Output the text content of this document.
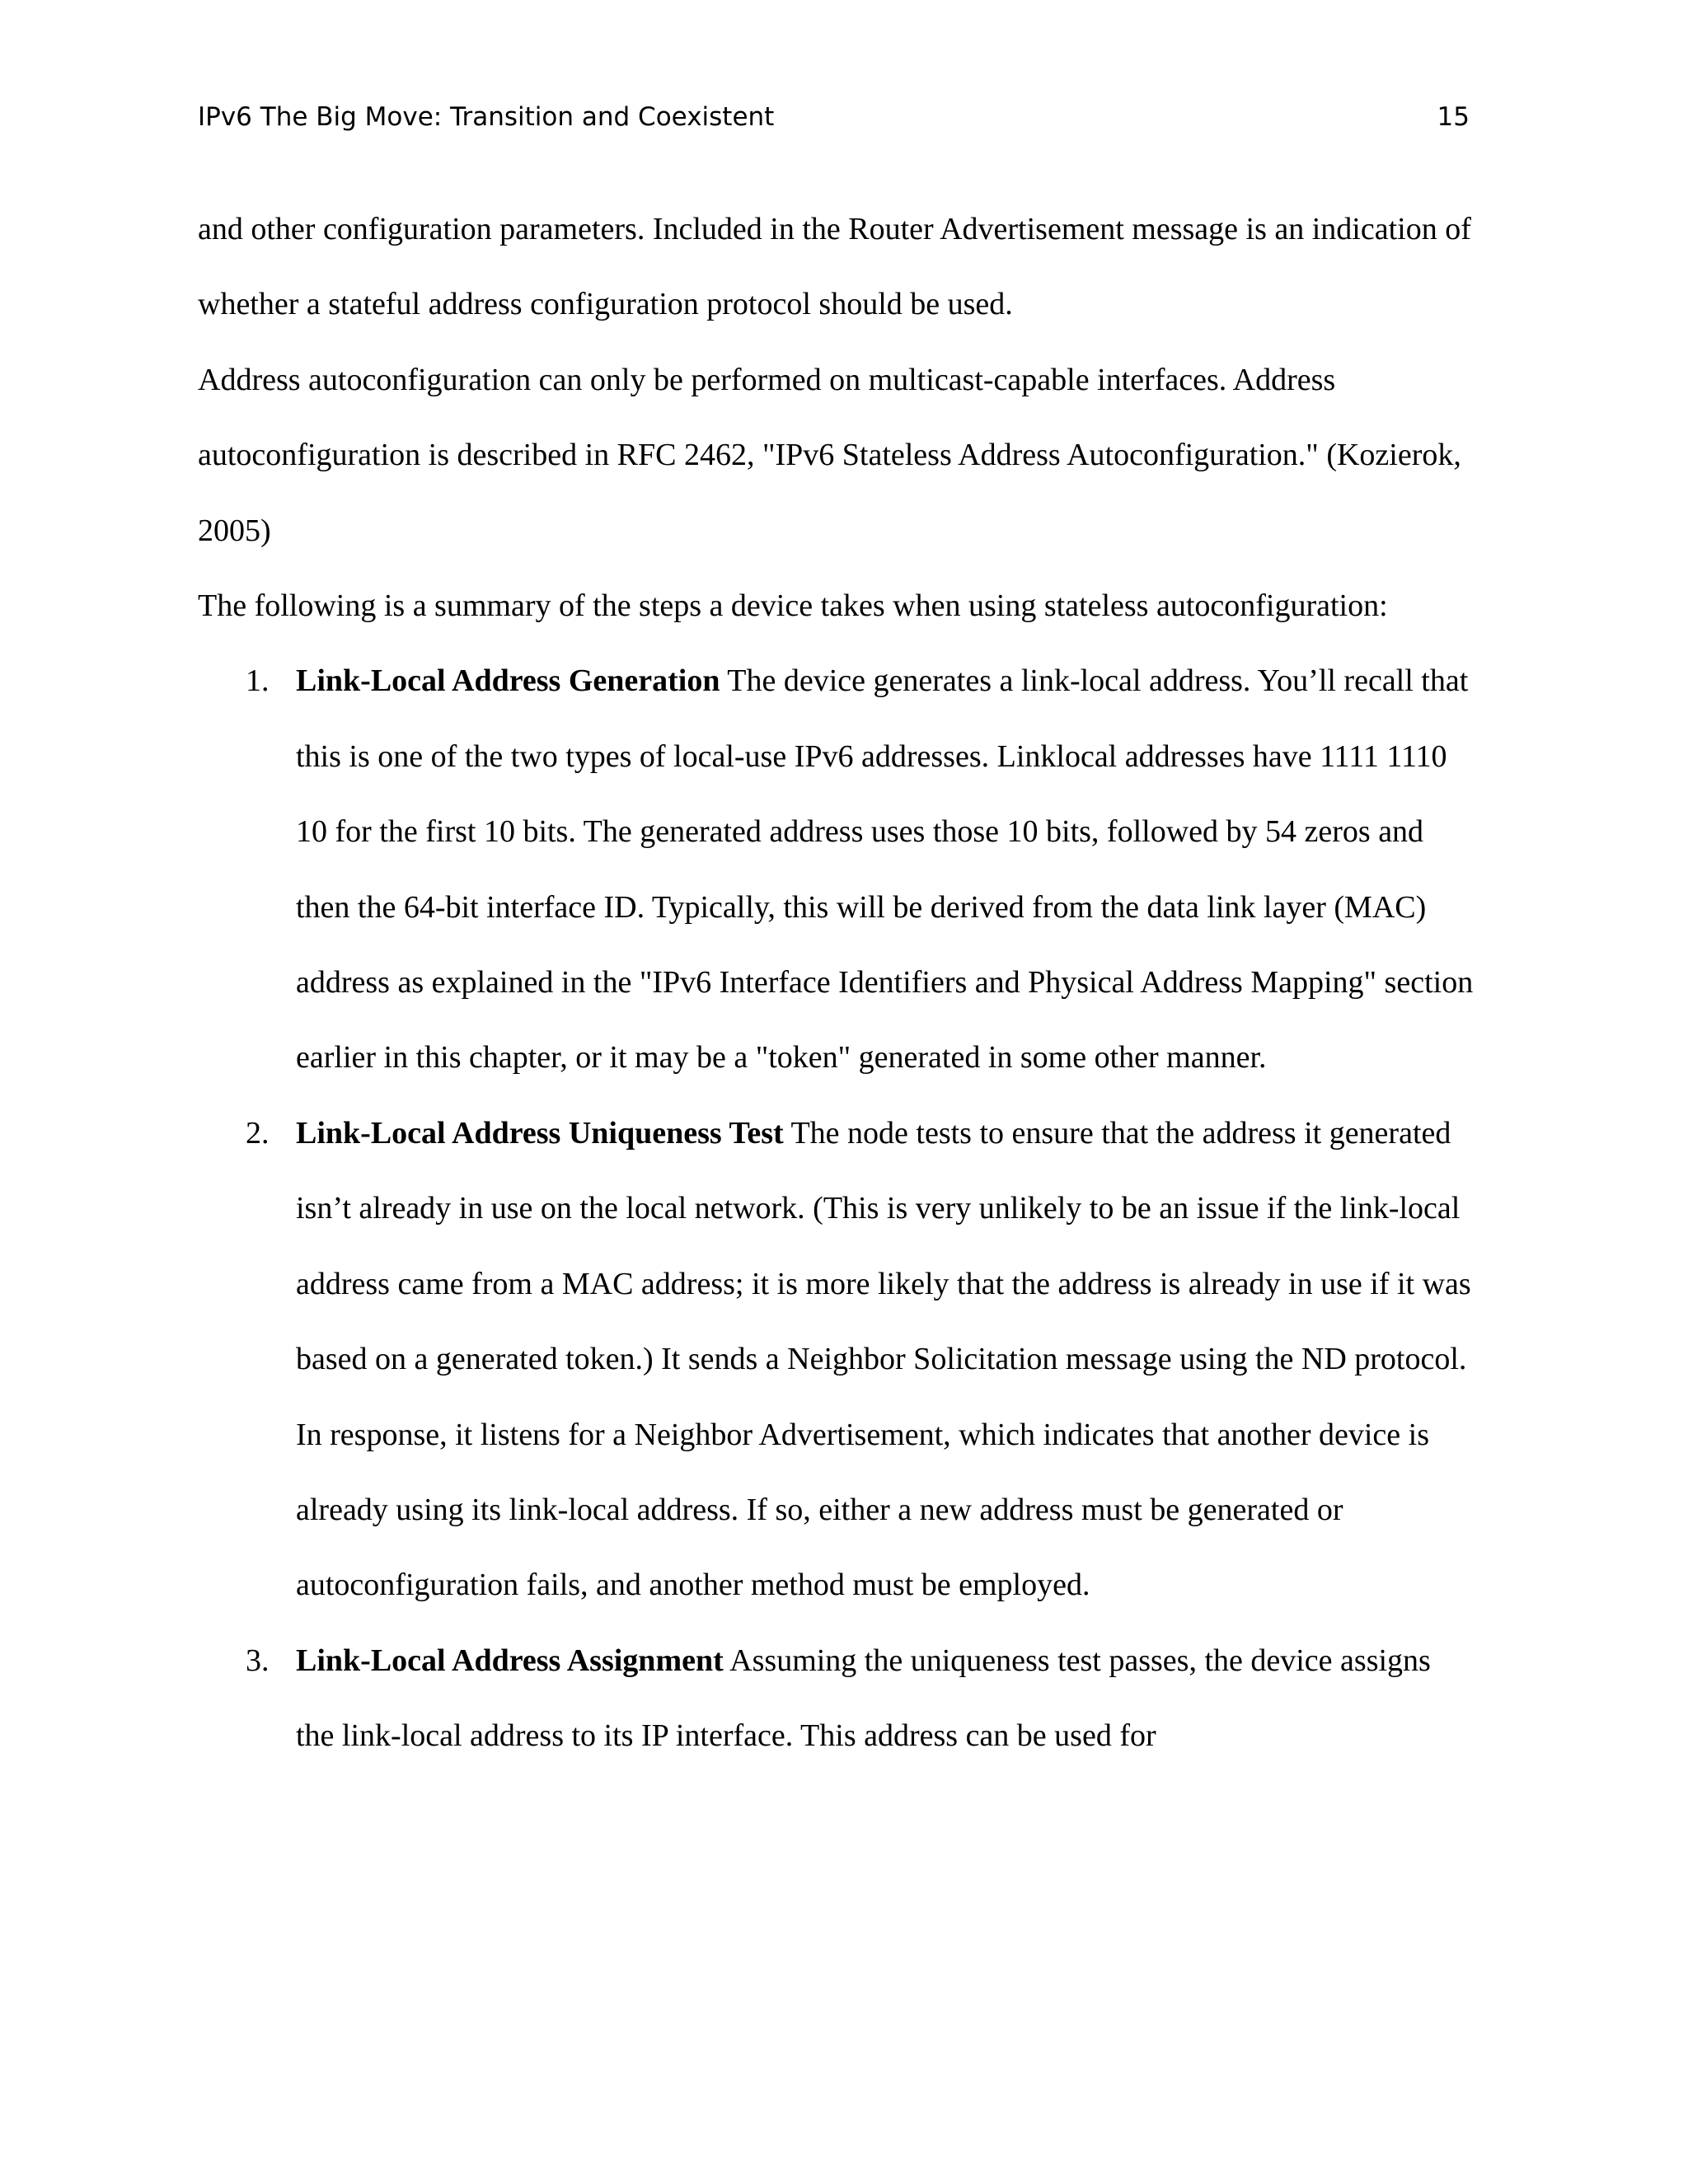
IPv6 The Big Move: Transition and Coexistent	15

and other configuration parameters. Included in the Router Advertisement message is an indication of whether a stateful address configuration protocol should be used.

Address autoconfiguration can only be performed on multicast-capable interfaces. Address autoconfiguration is described in RFC 2462, "IPv6 Stateless Address Autoconfiguration." (Kozierok, 2005)

The following is a summary of the steps a device takes when using stateless autoconfiguration:

1. Link-Local Address Generation The device generates a link-local address. You’ll recall that this is one of the two types of local-use IPv6 addresses. Linklocal addresses have 1111 1110 10 for the first 10 bits. The generated address uses those 10 bits, followed by 54 zeros and then the 64-bit interface ID. Typically, this will be derived from the data link layer (MAC) address as explained in the "IPv6 Interface Identifiers and Physical Address Mapping" section earlier in this chapter, or it may be a "token" generated in some other manner.
2. Link-Local Address Uniqueness Test The node tests to ensure that the address it generated isn’t already in use on the local network. (This is very unlikely to be an issue if the link-local address came from a MAC address; it is more likely that the address is already in use if it was based on a generated token.) It sends a Neighbor Solicitation message using the ND protocol. In response, it listens for a Neighbor Advertisement, which indicates that another device is already using its link-local address. If so, either a new address must be generated or autoconfiguration fails, and another method must be employed.
3. Link-Local Address Assignment Assuming the uniqueness test passes, the device assigns the link-local address to its IP interface. This address can be used for
